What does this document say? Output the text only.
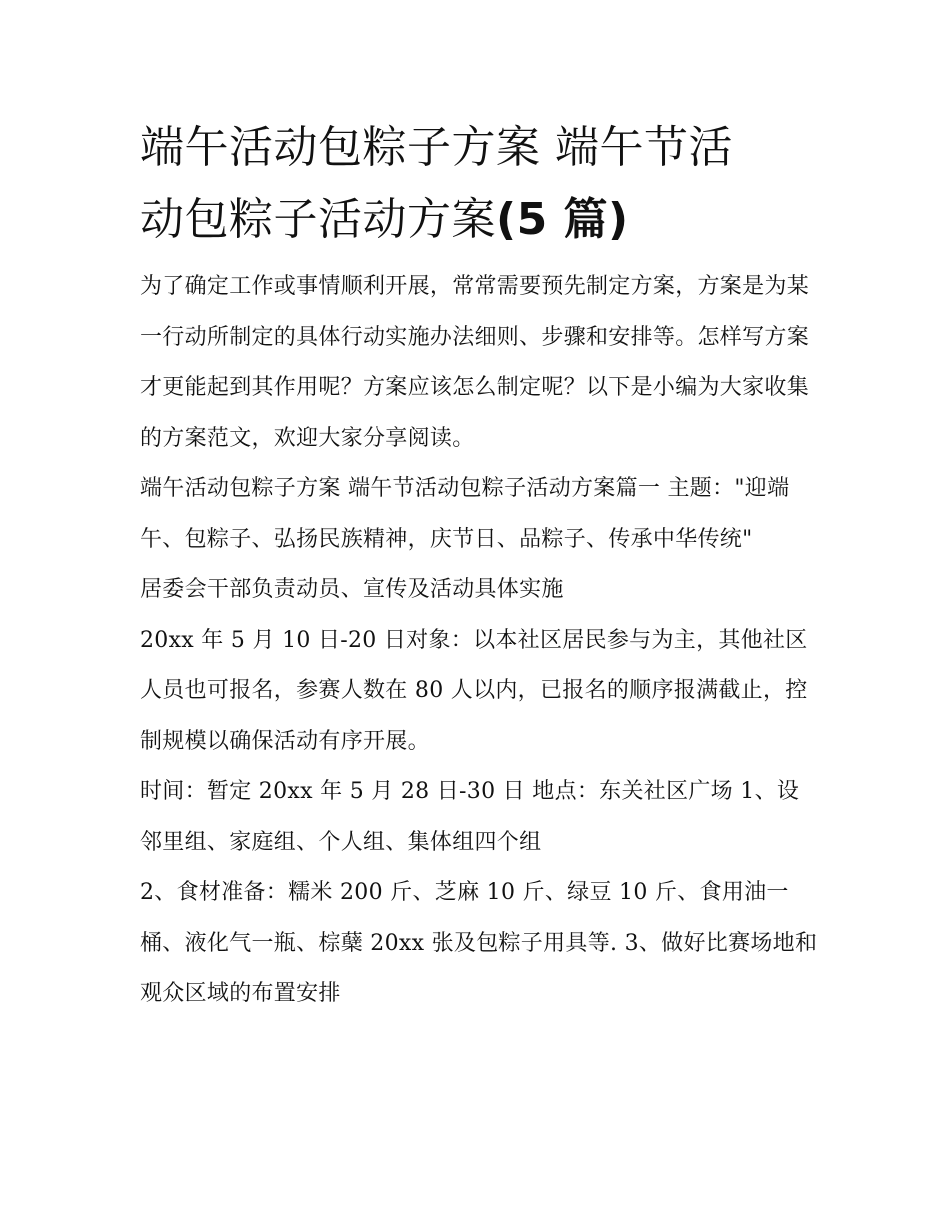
端午活动包粽子方案 端午节活
动包粽子活动方案(5 篇)

为了确定工作或事情顺利开展，常常需要预先制定方案，方案是为某一行动所制定的具体行动实施办法细则、步骤和安排等。怎样写方案才更能起到其作用呢？方案应该怎么制定呢？以下是小编为大家收集的方案范文，欢迎大家分享阅读。

端午活动包粽子方案 端午节活动包粽子活动方案篇一 主题："迎端午、包粽子、弘扬民族精神，庆节日、品粽子、传承中华传统"

居委会干部负责动员、宣传及活动具体实施

20xx 年 5 月 10 日-20 日对象：以本社区居民参与为主，其他社区人员也可报名，参赛人数在 80 人以内，已报名的顺序报满截止，控制规模以确保活动有序开展。

时间：暂定 20xx 年 5 月 28 日-30 日 地点：东关社区广场 1、设邻里组、家庭组、个人组、集体组四个组

2、食材准备：糯米 200 斤、芝麻 10 斤、绿豆 10 斤、食用油一桶、液化气一瓶、棕蘖 20xx 张及包粽子用具等. 3、做好比赛场地和观众区域的布置安排
